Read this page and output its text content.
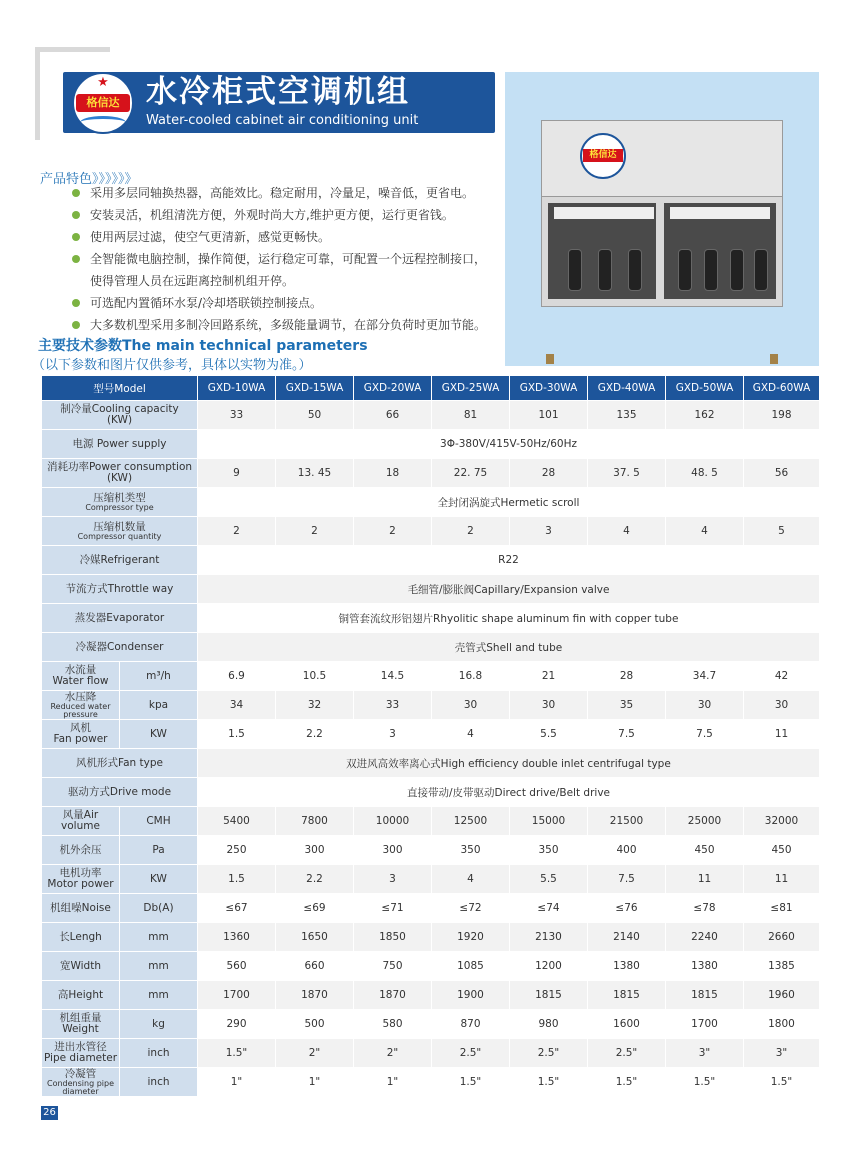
★
格信达 水冷柜式空调机组
Water-cooled cabinet air conditioning unit
格信达
产品特色》》》》》》
采用多层同轴换热器，高能效比。稳定耐用，冷量足，噪音低，更省电。
安装灵活，机组清洗方便，外观时尚大方,维护更方便，运行更省钱。
使用两层过滤，使空气更清新，感觉更畅快。
全智能微电脑控制，操作简便，运行稳定可靠，可配置一个远程控制接口，
使得管理人员在远距离控制机组开停。
可选配内置循环水泵/冷却塔联锁控制接点。
大多数机型采用多制冷回路系统，多级能量调节，在部分负荷时更加节能。
主要技术参数The main technical parameters
（以下参数和图片仅供参考，具体以实物为准。）
型号Model		GXD-10WA	GXD-15WA	GXD-20WA	GXD-25WA	GXD-30WA	GXD-40WA	GXD-50WA	GXD-60WA

制冷量Cooling capacity
(KW)		33	50	66	81	101	135	162	198

电源 Power supply		3Φ-380V/415V-50Hz/60Hz							

消耗功率Power consumption
(KW)		9	13. 45	18	22. 75	28	37. 5	48. 5	56

压缩机类型
Compressor type		全封闭涡旋式Hermetic scroll							

压缩机数量
Compressor quantity		2	2	2	2	3	4	4	5

冷媒Refrigerant		R22							

节流方式Throttle way		毛细管/膨胀阀Capillary/Expansion valve							

蒸发器Evaporator		铜管套流纹形铝翅片Rhyolitic shape aluminum fin with copper tube							

冷凝器Condenser		壳管式Shell and tube							

水流量
Water flow	m³/h	6.9	10.5	14.5	16.8	21	28	34.7	42

水压降
Reduced water
pressure	kpa	34	32	33	30	30	35	30	30

风机
Fan power	KW	1.5	2.2	3	4	5.5	7.5	7.5	11

风机形式Fan type		双进风高效率离心式High efficiency double inlet centrifugal type							

驱动方式Drive mode		直接带动/皮带驱动Direct drive/Belt drive							

风量Air
volume	CMH	5400	7800	10000	12500	15000	21500	25000	32000

机外余压	Pa	250	300	300	350	350	400	450	450

电机功率
Motor power	KW	1.5	2.2	3	4	5.5	7.5	11	11

机组噪Noise	Db(A)	≤67	≤69	≤71	≤72	≤74	≤76	≤78	≤81

长Lengh	mm	1360	1650	1850	1920	2130	2140	2240	2660

宽Width	mm	560	660	750	1085	1200	1380	1380	1385

高Height	mm	1700	1870	1870	1900	1815	1815	1815	1960

机组重量
Weight	kg	290	500	580	870	980	1600	1700	1800

进出水管径
Pipe diameter	inch	1.5"	2"	2"	2.5"	2.5"	2.5"	3"	3"

冷凝管
Condensing pipe
diameter	inch	1"	1"	1"	1.5"	1.5"	1.5"	1.5"	1.5"
26
